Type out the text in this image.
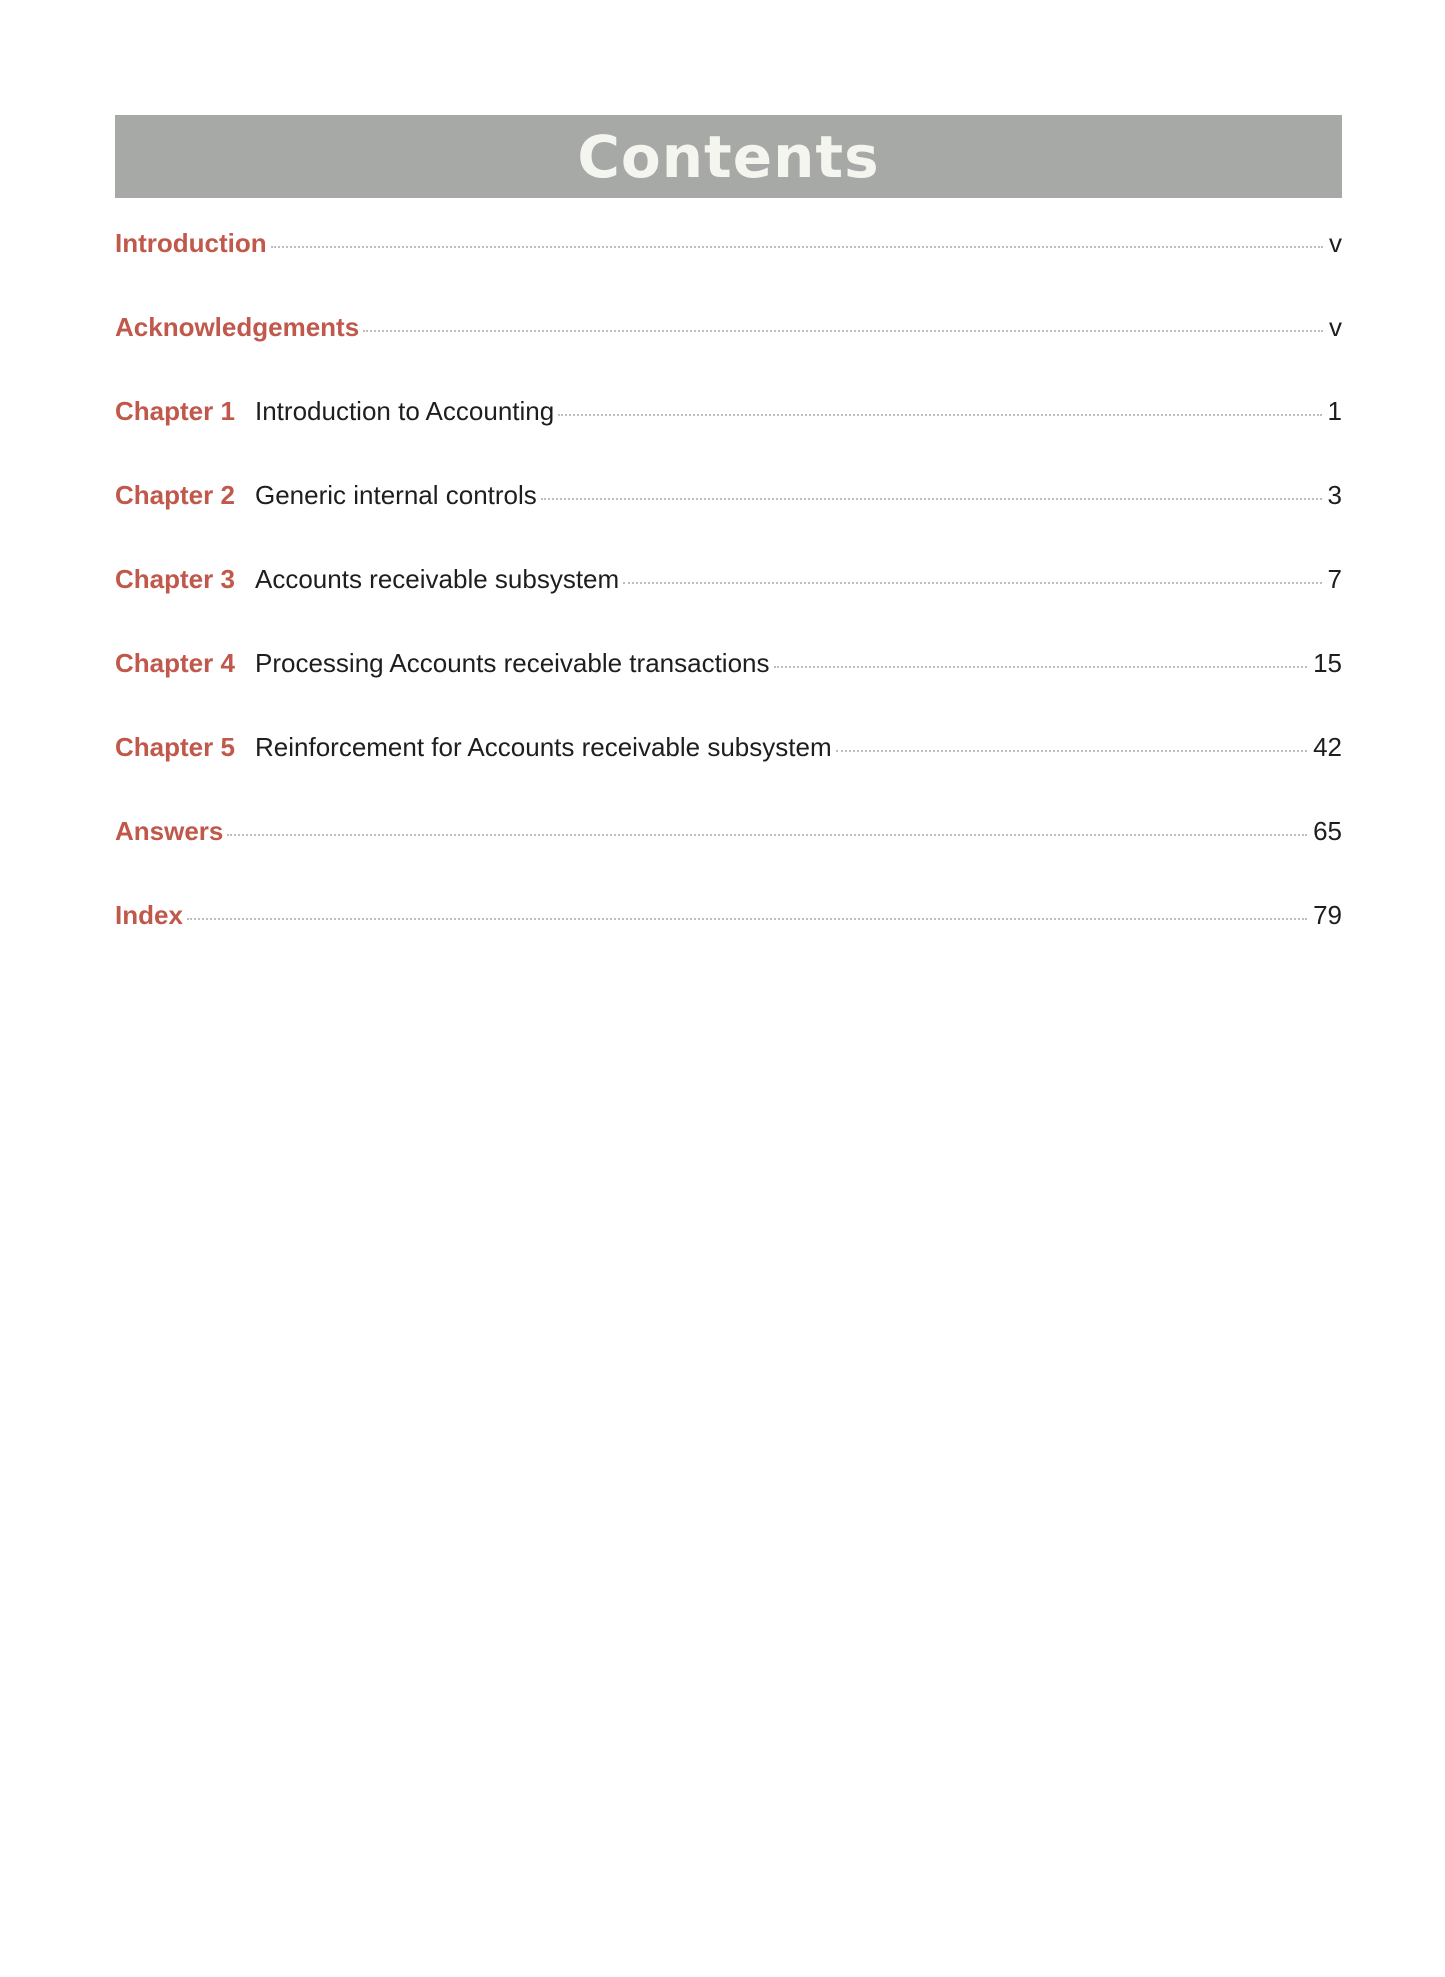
Contents
Introduction	v
Acknowledgements	v
Chapter 1 Introduction to Accounting	1
Chapter 2 Generic internal controls	3
Chapter 3 Accounts receivable subsystem	7
Chapter 4 Processing Accounts receivable transactions	15
Chapter 5 Reinforcement for Accounts receivable subsystem	42
Answers	65
Index	79
